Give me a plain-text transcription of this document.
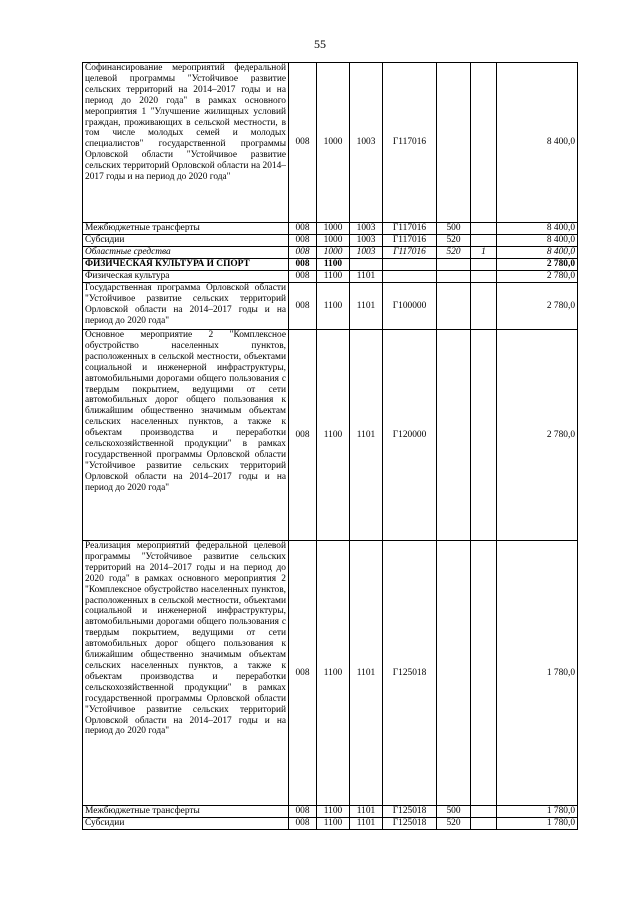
55
Софинансирование мероприятий федеральной целевой программы "Устойчивое развитие сельских территорий на 2014–2017 годы и на период до 2020 года" в рамках основного мероприятия 1 "Улучшение жилищных условий граждан, проживающих в сельской местности, в том числе молодых семей и молодых специалистов" государственной программы Орловской области "Устойчивое развитие сельских территорий Орловской области на 2014–2017 годы и на период до 2020 года"	008	1000	1003	Г117016			8 400,0
Межбюджетные трансферты	008	1000	1003	Г117016	500		8 400,0
Субсидии	008	1000	1003	Г117016	520		8 400,0
Областные средства	008	1000	1003	Г117016	520	1	8 400,0
ФИЗИЧЕСКАЯ КУЛЬТУРА И СПОРТ	008	1100					2 780,0
Физическая культура	008	1100	1101				2 780,0
Государственная программа Орловской области "Устойчивое развитие сельских территорий Орловской области на 2014–2017 годы и на период до 2020 года"	008	1100	1101	Г100000			2 780,0
Основное мероприятие 2 "Комплексное обустройство населенных пунктов, расположенных в сельской местности, объектами социальной и инженерной инфраструктуры, автомобильными дорогами общего пользования с твердым покрытием, ведущими от сети автомобильных дорог общего пользования к ближайшим общественно значимым объектам сельских населенных пунктов, а также к объектам производства и переработки сельскохозяйственной продукции" в рамках государственной программы Орловской области "Устойчивое развитие сельских территорий Орловской области на 2014–2017 годы и на период до 2020 года"	008	1100	1101	Г120000			2 780,0
Реализация мероприятий федеральной целевой программы "Устойчивое развитие сельских территорий на 2014–2017 годы и на период до 2020 года" в рамках основного мероприятия 2 "Комплексное обустройство населенных пунктов, расположенных в сельской местности, объектами социальной и инженерной инфраструктуры, автомобильными дорогами общего пользования с твердым покрытием, ведущими от сети автомобильных дорог общего пользования к ближайшим общественно значимым объектам сельских населенных пунктов, а также к объектам производства и переработки сельскохозяйственной продукции" в рамках государственной программы Орловской области "Устойчивое развитие сельских территорий Орловской области на 2014–2017 годы и на период до 2020 года"	008	1100	1101	Г125018			1 780,0
Межбюджетные трансферты	008	1100	1101	Г125018	500		1 780,0
Субсидии	008	1100	1101	Г125018	520		1 780,0
